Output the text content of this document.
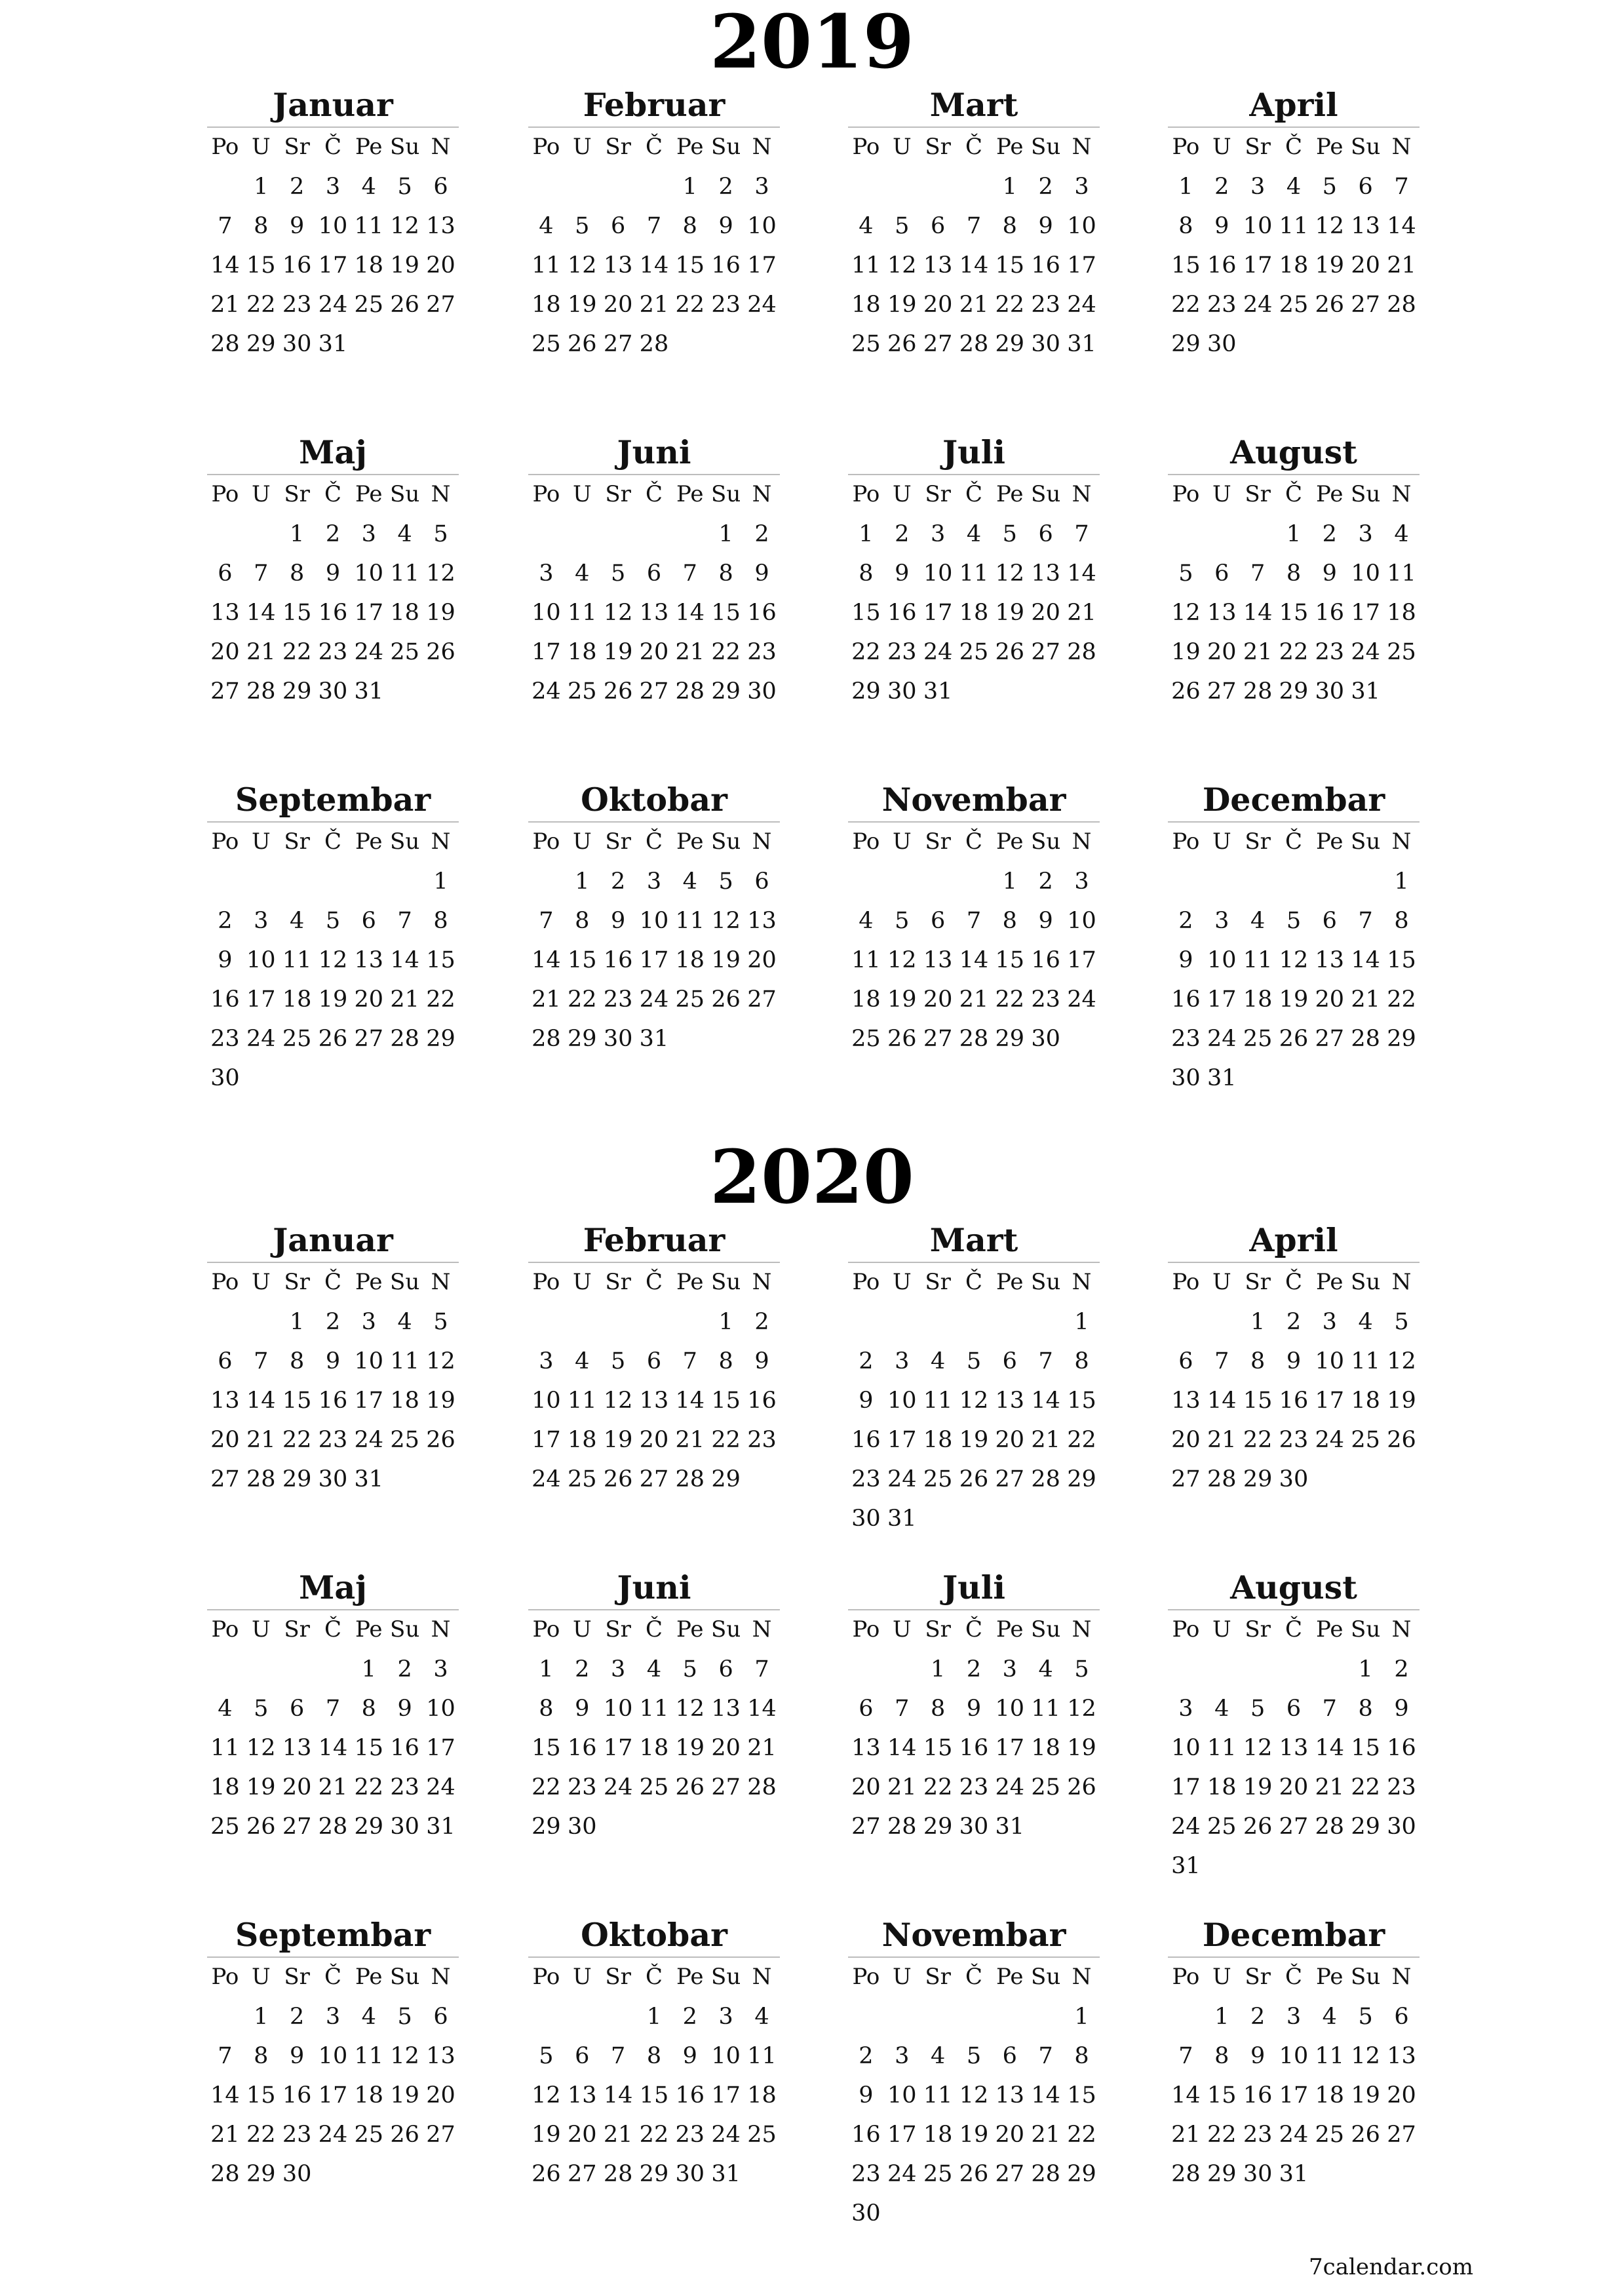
2019
Januar
Po U Sr Č Pe Su N
1 2 3 4 5 6
7 8 9 10 11 12 13
14 15 16 17 18 19 20
21 22 23 24 25 26 27
28 29 30 31
Februar
Po U Sr Č Pe Su N
1 2 3
4 5 6 7 8 9 10
11 12 13 14 15 16 17
18 19 20 21 22 23 24
25 26 27 28
Mart
Po U Sr Č Pe Su N
1 2 3
4 5 6 7 8 9 10
11 12 13 14 15 16 17
18 19 20 21 22 23 24
25 26 27 28 29 30 31
April
Po U Sr Č Pe Su N
1 2 3 4 5 6 7
8 9 10 11 12 13 14
15 16 17 18 19 20 21
22 23 24 25 26 27 28
29 30
Maj
Po U Sr Č Pe Su N
1 2 3 4 5
6 7 8 9 10 11 12
13 14 15 16 17 18 19
20 21 22 23 24 25 26
27 28 29 30 31
Juni
Po U Sr Č Pe Su N
1 2
3 4 5 6 7 8 9
10 11 12 13 14 15 16
17 18 19 20 21 22 23
24 25 26 27 28 29 30
Juli
Po U Sr Č Pe Su N
1 2 3 4 5 6 7
8 9 10 11 12 13 14
15 16 17 18 19 20 21
22 23 24 25 26 27 28
29 30 31
August
Po U Sr Č Pe Su N
1 2 3 4
5 6 7 8 9 10 11
12 13 14 15 16 17 18
19 20 21 22 23 24 25
26 27 28 29 30 31
Septembar
Po U Sr Č Pe Su N
1
2 3 4 5 6 7 8
9 10 11 12 13 14 15
16 17 18 19 20 21 22
23 24 25 26 27 28 29
30
Oktobar
Po U Sr Č Pe Su N
1 2 3 4 5 6
7 8 9 10 11 12 13
14 15 16 17 18 19 20
21 22 23 24 25 26 27
28 29 30 31
Novembar
Po U Sr Č Pe Su N
1 2 3
4 5 6 7 8 9 10
11 12 13 14 15 16 17
18 19 20 21 22 23 24
25 26 27 28 29 30
Decembar
Po U Sr Č Pe Su N
1
2 3 4 5 6 7 8
9 10 11 12 13 14 15
16 17 18 19 20 21 22
23 24 25 26 27 28 29
30 31
2020
Januar
Po U Sr Č Pe Su N
1 2 3 4 5
6 7 8 9 10 11 12
13 14 15 16 17 18 19
20 21 22 23 24 25 26
27 28 29 30 31
Februar
Po U Sr Č Pe Su N
1 2
3 4 5 6 7 8 9
10 11 12 13 14 15 16
17 18 19 20 21 22 23
24 25 26 27 28 29
Mart
Po U Sr Č Pe Su N
1
2 3 4 5 6 7 8
9 10 11 12 13 14 15
16 17 18 19 20 21 22
23 24 25 26 27 28 29
30 31
April
Po U Sr Č Pe Su N
1 2 3 4 5
6 7 8 9 10 11 12
13 14 15 16 17 18 19
20 21 22 23 24 25 26
27 28 29 30
Maj
Po U Sr Č Pe Su N
1 2 3
4 5 6 7 8 9 10
11 12 13 14 15 16 17
18 19 20 21 22 23 24
25 26 27 28 29 30 31
Juni
Po U Sr Č Pe Su N
1 2 3 4 5 6 7
8 9 10 11 12 13 14
15 16 17 18 19 20 21
22 23 24 25 26 27 28
29 30
Juli
Po U Sr Č Pe Su N
1 2 3 4 5
6 7 8 9 10 11 12
13 14 15 16 17 18 19
20 21 22 23 24 25 26
27 28 29 30 31
August
Po U Sr Č Pe Su N
1 2
3 4 5 6 7 8 9
10 11 12 13 14 15 16
17 18 19 20 21 22 23
24 25 26 27 28 29 30
31
Septembar
Po U Sr Č Pe Su N
1 2 3 4 5 6
7 8 9 10 11 12 13
14 15 16 17 18 19 20
21 22 23 24 25 26 27
28 29 30
Oktobar
Po U Sr Č Pe Su N
1 2 3 4
5 6 7 8 9 10 11
12 13 14 15 16 17 18
19 20 21 22 23 24 25
26 27 28 29 30 31
Novembar
Po U Sr Č Pe Su N
1
2 3 4 5 6 7 8
9 10 11 12 13 14 15
16 17 18 19 20 21 22
23 24 25 26 27 28 29
30
Decembar
Po U Sr Č Pe Su N
1 2 3 4 5 6
7 8 9 10 11 12 13
14 15 16 17 18 19 20
21 22 23 24 25 26 27
28 29 30 31
7calendar.com
